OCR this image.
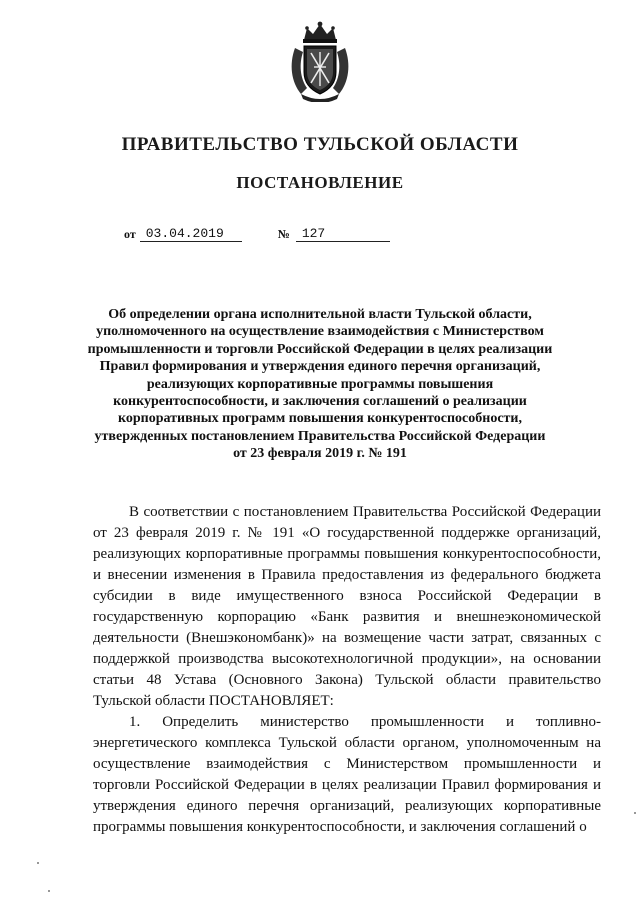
ПРАВИТЕЛЬСТВО ТУЛЬСКОЙ ОБЛАСТИ
ПОСТАНОВЛЕНИЕ
от 03.04.2019	№ 127
Об определении органа исполнительной власти Тульской области, уполномоченного на осуществление взаимодействия с Министерством промышленности и торговли Российской Федерации в целях реализации Правил формирования и утверждения единого перечня организаций, реализующих корпоративные программы повышения конкурентоспособности, и заключения соглашений о реализации корпоративных программ повышения конкурентоспособности, утвержденных постановлением Правительства Российской Федерации от 23 февраля 2019 г. № 191

В соответствии с постановлением Правительства Российской Федерации от 23 февраля 2019 г. № 191 «О государственной поддержке организаций, реализующих корпоративные программы повышения конкурентоспособности, и внесении изменения в Правила предоставления из федерального бюджета субсидии в виде имущественного взноса Российской Федерации в государственную корпорацию «Банк развития и внешнеэкономической деятельности (Внешэкономбанк)» на возмещение части затрат, связанных с поддержкой производства высокотехнологичной продукции», на основании статьи 48 Устава (Основного Закона) Тульской области правительство Тульской области ПОСТАНОВЛЯЕТ:

1. Определить министерство промышленности и топливно-энергетического комплекса Тульской области органом, уполномоченным на осуществление взаимодействия с Министерством промышленности и торговли Российской Федерации в целях реализации Правил формирования и утверждения единого перечня организаций, реализующих корпоративные программы повышения конкурентоспособности, и заключения соглашений о
